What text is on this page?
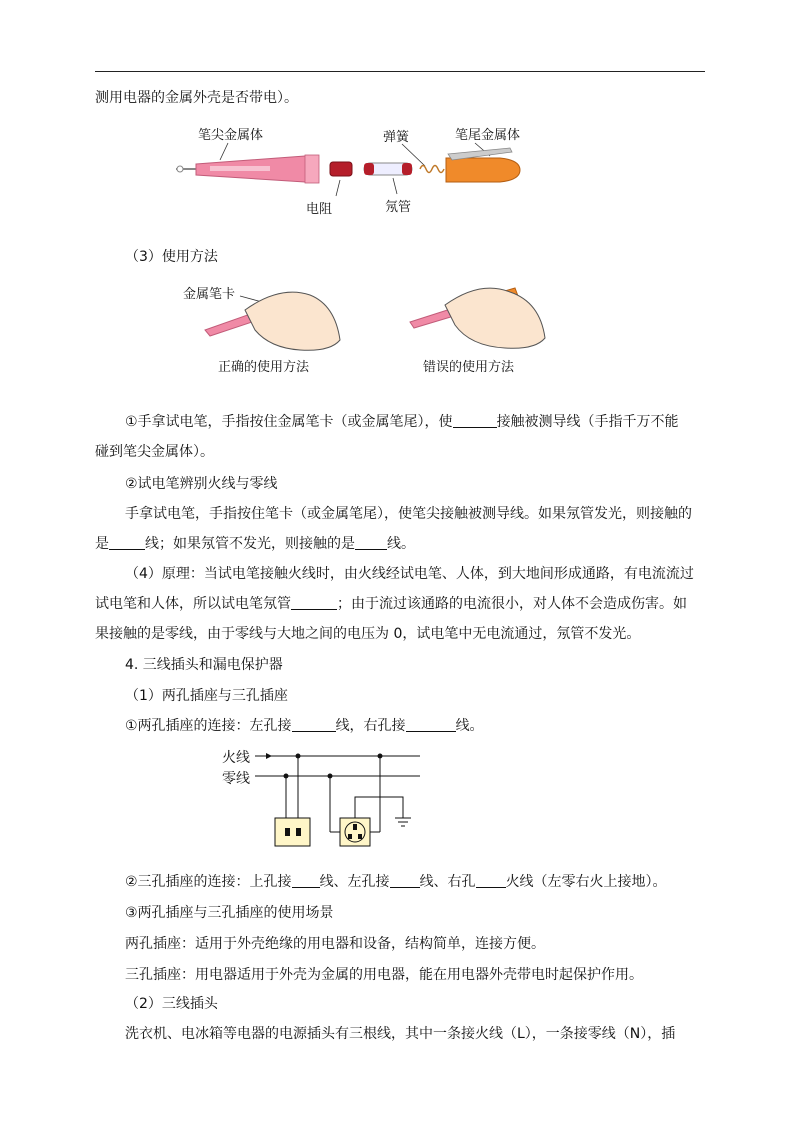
测用电器的金属外壳是否带电）。
笔尖金属体	弹簧	笔尾金属体
电阻	氖管
（3）使用方法
金属笔卡
正确的使用方法	错误的使用方法
①手拿试电笔，手指按住金属笔卡（或金属笔尾），使	接触被测导线（手指千万不能
碰到笔尖金属体）。
②试电笔辨别火线与零线
手拿试电笔，手指按住笔卡（或金属笔尾），使笔尖接触被测导线。如果氖管发光，则接触的
是	线；如果氖管不发光，则接触的是 线。
（4）原理：当试电笔接触火线时，由火线经试电笔、人体，到大地间形成通路，有电流流过
试电笔和人体，所以试电笔氖管	；由于流过该通路的电流很小，对人体不会造成伤害。如
果接触的是零线，由于零线与大地之间的电压为 0，试电笔中无电流通过，氖管不发光。
4. 三线插头和漏电保护器
（1）两孔插座与三孔插座
①两孔插座的连接：左孔接	线，右孔接	线。
火线
零线
②三孔插座的连接：上孔接 线、左孔接 线、右孔 火线（左零右火上接地）。
③两孔插座与三孔插座的使用场景
两孔插座：适用于外壳绝缘的用电器和设备，结构简单，连接方便。
三孔插座：用电器适用于外壳为金属的用电器，能在用电器外壳带电时起保护作用。
（2）三线插头
洗衣机、电冰箱等电器的电源插头有三根线，其中一条接火线（L），一条接零线（N），插
